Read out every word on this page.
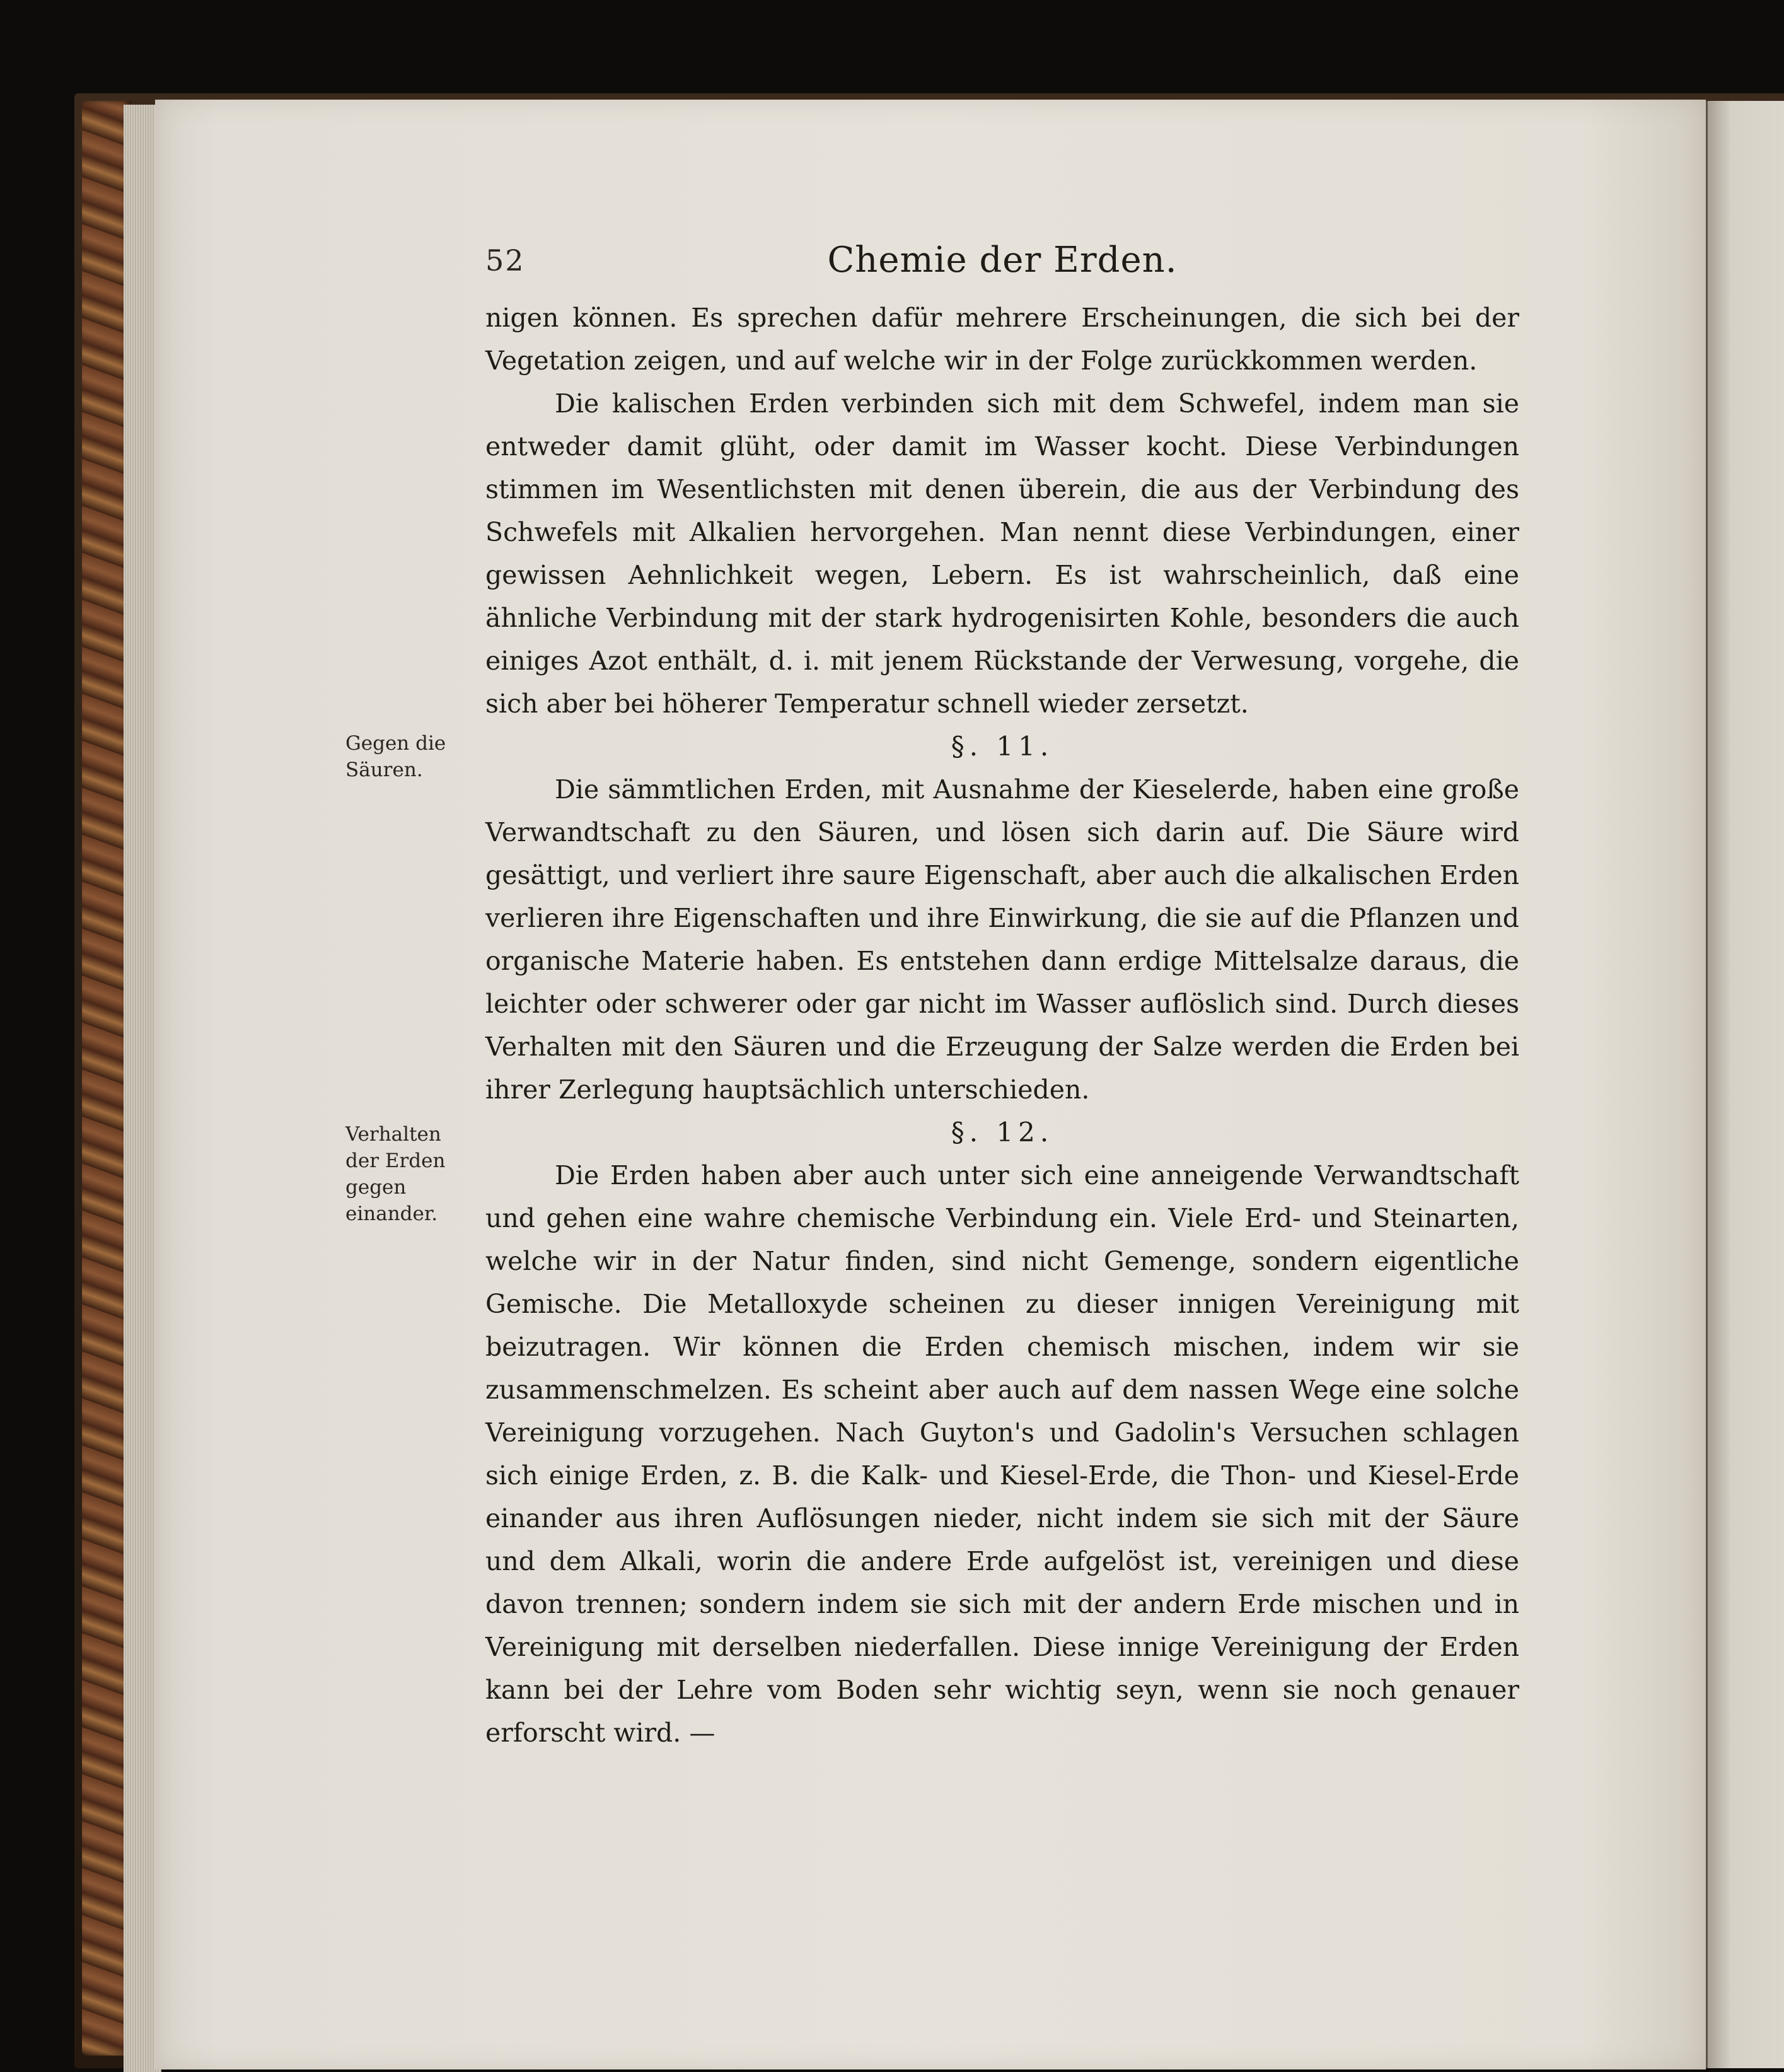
52	Chemie der Erden.
Gegen die Säuren.
Verhalten der Erden gegen einander.

nigen können. Es sprechen dafür mehrere Erscheinungen, die sich bei der Vegetation zeigen, und auf welche wir in der Folge zurückkommen werden.

Die kalischen Erden verbinden sich mit dem Schwefel, indem man sie entweder damit glüht, oder damit im Wasser kocht. Diese Verbindungen stimmen im Wesentlichsten mit denen überein, die aus der Verbindung des Schwefels mit Alkalien hervorgehen. Man nennt diese Verbindungen, einer gewissen Aehnlichkeit wegen, Lebern. Es ist wahrscheinlich, daß eine ähnliche Verbindung mit der stark hydrogenisirten Kohle, besonders die auch einiges Azot enthält, d. i. mit jenem Rückstande der Verwesung, vorgehe, die sich aber bei höherer Temperatur schnell wieder zersetzt.

§. 11.

Die sämmtlichen Erden, mit Ausnahme der Kieselerde, haben eine große Verwandtschaft zu den Säuren, und lösen sich darin auf. Die Säure wird gesättigt, und verliert ihre saure Eigenschaft, aber auch die alkalischen Erden verlieren ihre Eigenschaften und ihre Einwirkung, die sie auf die Pflanzen und organische Materie haben. Es entstehen dann erdige Mittelsalze daraus, die leichter oder schwerer oder gar nicht im Wasser auflöslich sind. Durch dieses Verhalten mit den Säuren und die Erzeugung der Salze werden die Erden bei ihrer Zerlegung hauptsächlich unterschieden.

§. 12.

Die Erden haben aber auch unter sich eine anneigende Verwandtschaft und gehen eine wahre chemische Verbindung ein. Viele Erd- und Steinarten, welche wir in der Natur finden, sind nicht Gemenge, sondern eigentliche Gemische. Die Metalloxyde scheinen zu dieser innigen Vereinigung mit beizutragen. Wir können die Erden chemisch mischen, indem wir sie zusammenschmelzen. Es scheint aber auch auf dem nassen Wege eine solche Vereinigung vorzugehen. Nach Guyton's und Gadolin's Versuchen schlagen sich einige Erden, z. B. die Kalk- und Kiesel-Erde, die Thon- und Kiesel-Erde einander aus ihren Auflösungen nieder, nicht indem sie sich mit der Säure und dem Alkali, worin die andere Erde aufgelöst ist, vereinigen und diese davon trennen; sondern indem sie sich mit der andern Erde mischen und in Vereinigung mit derselben niederfallen. Diese innige Vereinigung der Erden kann bei der Lehre vom Boden sehr wichtig seyn, wenn sie noch genauer erforscht wird. —
